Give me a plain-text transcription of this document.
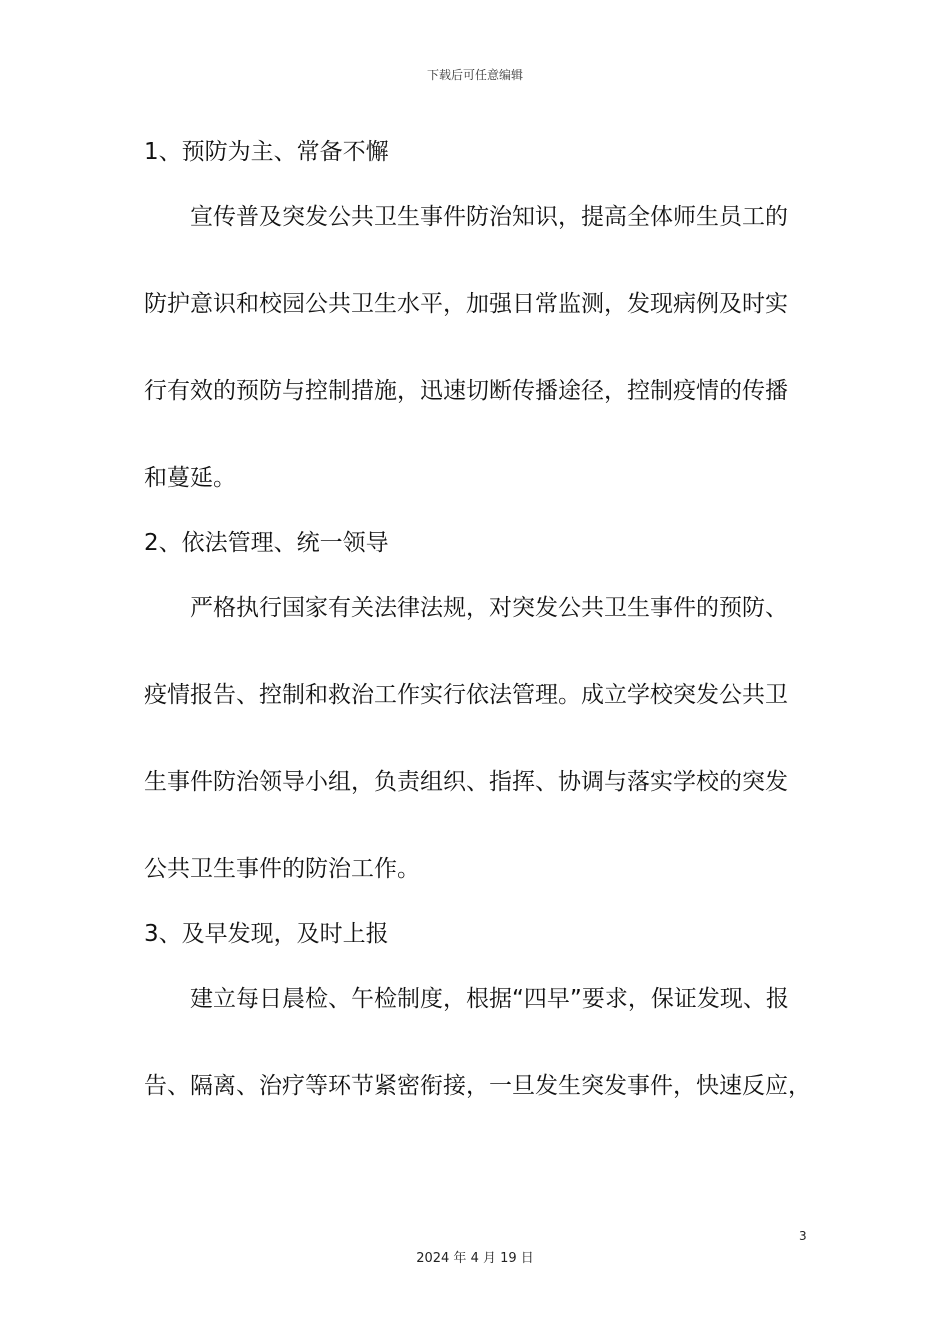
下载后可任意编辑
1、预防为主、常备不懈
宣传普及突发公共卫生事件防治知识，提高全体师生员工的
防护意识和校园公共卫生水平，加强日常监测，发现病例及时实
行有效的预防与控制措施，迅速切断传播途径，控制疫情的传播
和蔓延。
2、依法管理、统一领导
严格执行国家有关法律法规，对突发公共卫生事件的预防、
疫情报告、控制和救治工作实行依法管理。成立学校突发公共卫
生事件防治领导小组，负责组织、指挥、协调与落实学校的突发
公共卫生事件的防治工作。
3、及早发现，及时上报
建立每日晨检、午检制度，根据“四早”要求，保证发现、报
告、隔离、治疗等环节紧密衔接，一旦发生突发事件，快速反应，
3
2024 年 4 月 19 日
